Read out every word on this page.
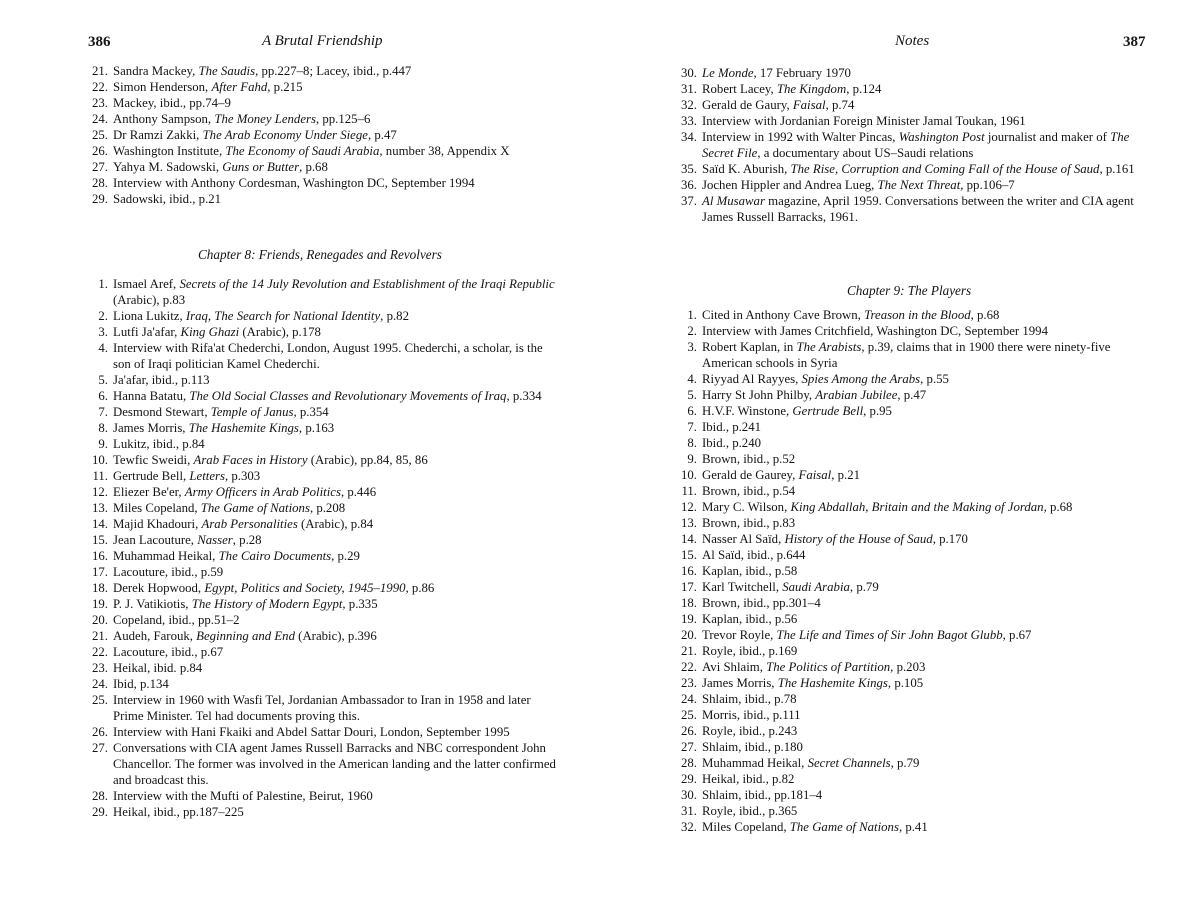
386	A Brutal Friendship
21. Sandra Mackey, The Saudis, pp.227–8; Lacey, ibid., p.447
22. Simon Henderson, After Fahd, p.215
23. Mackey, ibid., pp.74–9
24. Anthony Sampson, The Money Lenders, pp.125–6
25. Dr Ramzi Zakki, The Arab Economy Under Siege, p.47
26. Washington Institute, The Economy of Saudi Arabia, number 38, Appendix X
27. Yahya M. Sadowski, Guns or Butter, p.68
28. Interview with Anthony Cordesman, Washington DC, September 1994
29. Sadowski, ibid., p.21
Chapter 8: Friends, Renegades and Revolvers
1. Ismael Aref, Secrets of the 14 July Revolution and Establishment of the Iraqi Republic (Arabic), p.83
2. Liona Lukitz, Iraq, The Search for National Identity, p.82
3. Lutfi Ja'afar, King Ghazi (Arabic), p.178
4. Interview with Rifa'at Chederchi, London, August 1995. Chederchi, a scholar, is the son of Iraqi politician Kamel Chederchi.
5. Ja'afar, ibid., p.113
6. Hanna Batatu, The Old Social Classes and Revolutionary Movements of Iraq, p.334
7. Desmond Stewart, Temple of Janus, p.354
8. James Morris, The Hashemite Kings, p.163
9. Lukitz, ibid., p.84
10. Tewfic Sweidi, Arab Faces in History (Arabic), pp.84, 85, 86
11. Gertrude Bell, Letters, p.303
12. Eliezer Be'er, Army Officers in Arab Politics, p.446
13. Miles Copeland, The Game of Nations, p.208
14. Majid Khadouri, Arab Personalities (Arabic), p.84
15. Jean Lacouture, Nasser, p.28
16. Muhammad Heikal, The Cairo Documents, p.29
17. Lacouture, ibid., p.59
18. Derek Hopwood, Egypt, Politics and Society, 1945–1990, p.86
19. P. J. Vatikiotis, The History of Modern Egypt, p.335
20. Copeland, ibid., pp.51–2
21. Audeh, Farouk, Beginning and End (Arabic), p.396
22. Lacouture, ibid., p.67
23. Heikal, ibid. p.84
24. Ibid, p.134
25. Interview in 1960 with Wasfi Tel, Jordanian Ambassador to Iran in 1958 and later Prime Minister. Tel had documents proving this.
26. Interview with Hani Fkaiki and Abdel Sattar Douri, London, September 1995
27. Conversations with CIA agent James Russell Barracks and NBC correspondent John Chancellor. The former was involved in the American landing and the latter confirmed and broadcast this.
28. Interview with the Mufti of Palestine, Beirut, 1960
29. Heikal, ibid., pp.187–225
Notes	387
30. Le Monde, 17 February 1970
31. Robert Lacey, The Kingdom, p.124
32. Gerald de Gaury, Faisal, p.74
33. Interview with Jordanian Foreign Minister Jamal Toukan, 1961
34. Interview in 1992 with Walter Pincas, Washington Post journalist and maker of The Secret File, a documentary about US–Saudi relations
35. Saïd K. Aburish, The Rise, Corruption and Coming Fall of the House of Saud, p.161
36. Jochen Hippler and Andrea Lueg, The Next Threat, pp.106–7
37. Al Musawar magazine, April 1959. Conversations between the writer and CIA agent James Russell Barracks, 1961.
Chapter 9: The Players
1. Cited in Anthony Cave Brown, Treason in the Blood, p.68
2. Interview with James Critchfield, Washington DC, September 1994
3. Robert Kaplan, in The Arabists, p.39, claims that in 1900 there were ninety-five American schools in Syria
4. Riyyad Al Rayyes, Spies Among the Arabs, p.55
5. Harry St John Philby, Arabian Jubilee, p.47
6. H.V.F. Winstone, Gertrude Bell, p.95
7. Ibid., p.241
8. Ibid., p.240
9. Brown, ibid., p.52
10. Gerald de Gaurey, Faisal, p.21
11. Brown, ibid., p.54
12. Mary C. Wilson, King Abdallah, Britain and the Making of Jordan, p.68
13. Brown, ibid., p.83
14. Nasser Al Saïd, History of the House of Saud, p.170
15. Al Saïd, ibid., p.644
16. Kaplan, ibid., p.58
17. Karl Twitchell, Saudi Arabia, p.79
18. Brown, ibid., pp.301–4
19. Kaplan, ibid., p.56
20. Trevor Royle, The Life and Times of Sir John Bagot Glubb, p.67
21. Royle, ibid., p.169
22. Avi Shlaim, The Politics of Partition, p.203
23. James Morris, The Hashemite Kings, p.105
24. Shlaim, ibid., p.78
25. Morris, ibid., p.111
26. Royle, ibid., p.243
27. Shlaim, ibid., p.180
28. Muhammad Heikal, Secret Channels, p.79
29. Heikal, ibid., p.82
30. Shlaim, ibid., pp.181–4
31. Royle, ibid., p.365
32. Miles Copeland, The Game of Nations, p.41
